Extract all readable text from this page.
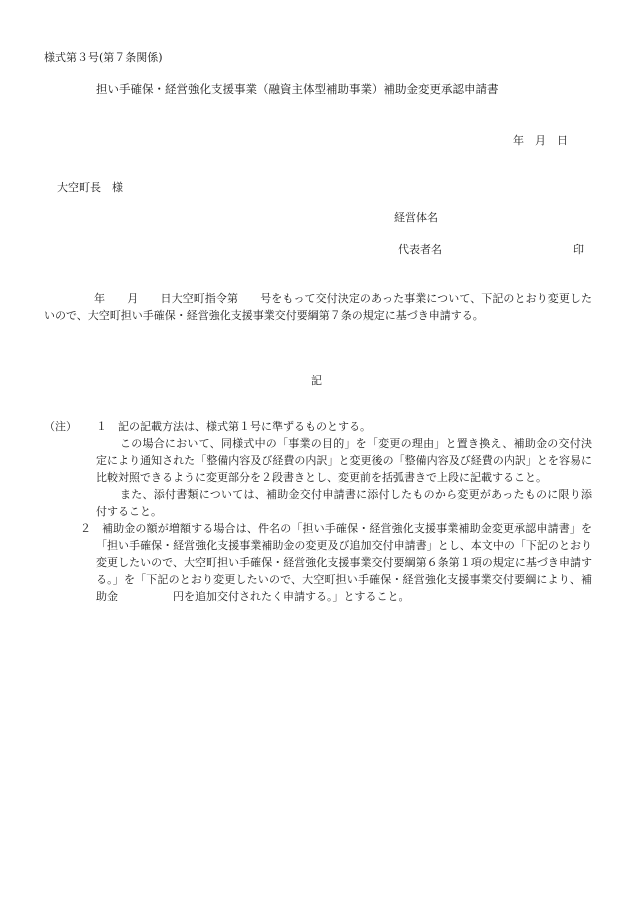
様式第３号(第７条関係)
担い手確保・経営強化支援事業（融資主体型補助事業）補助金変更承認申請書
年　月　日
大空町長　様
経営体名
代表者名	印
年　　月　　日大空町指令第　　号をもって交付決定のあった事業について、下記のとおり変更したいので、大空町担い手確保・経営強化支援事業交付要綱第７条の規定に基づき申請する。
記
（注）	１	記の記載方法は、様式第１号に準ずるものとする。
この場合において、同様式中の「事業の目的」を「変更の理由」と置き換え、補助金の交付決定により通知された「整備内容及び経費の内訳」と変更後の「整備内容及び経費の内訳」とを容易に比較対照できるように変更部分を２段書きとし、変更前を括弧書きで上段に記載すること。
また、添付書類については、補助金交付申請書に添付したものから変更があったものに限り添付すること。
２	補助金の額が増額する場合は、件名の「担い手確保・経営強化支援事業補助金変更承認申請書」を「担い手確保・経営強化支援事業補助金の変更及び追加交付申請書」とし、本文中の「下記のとおり変更したいので、大空町担い手確保・経営強化支援事業交付要綱第６条第１項の規定に基づき申請する。」を「下記のとおり変更したいので、大空町担い手確保・経営強化支援事業交付要綱により、補助金　　　　　円を追加交付されたく申請する。」とすること。
